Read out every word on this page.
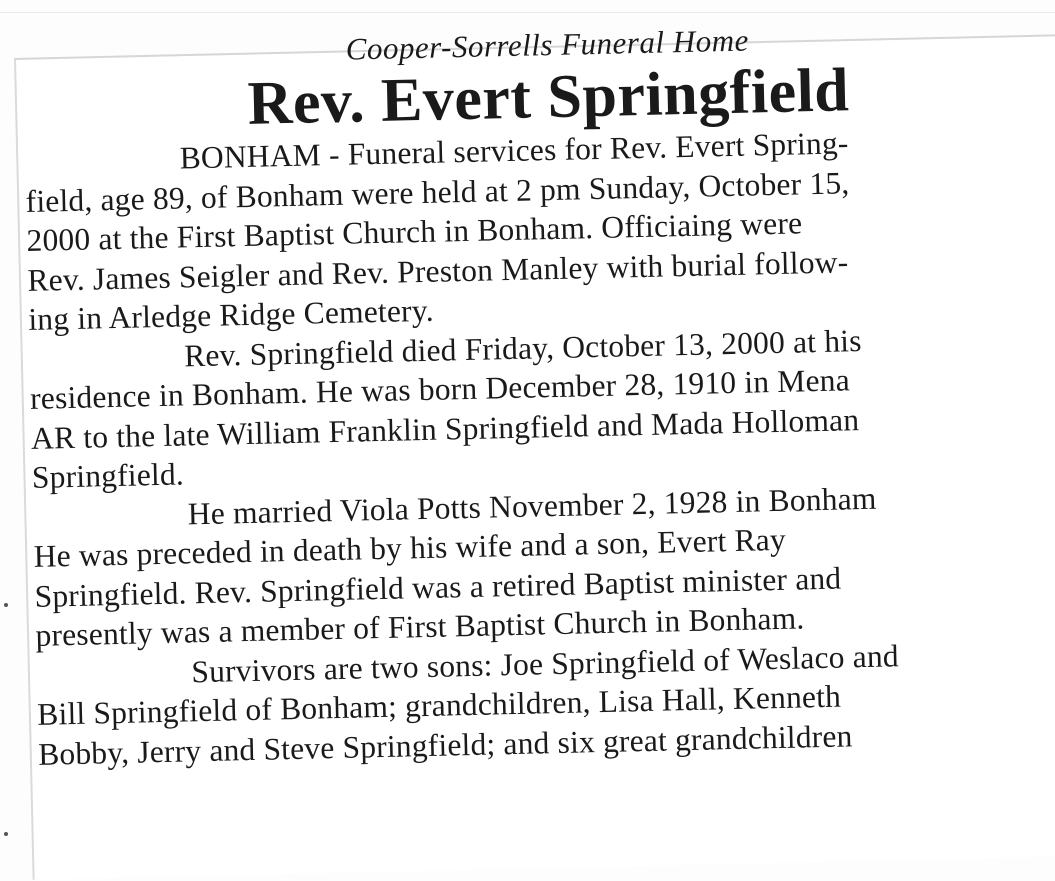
Cooper-Sorrells Funeral Home
Rev. Evert Springfield
BONHAM - Funeral services for Rev. Evert Spring-
field, age 89, of Bonham were held at 2 pm Sunday, October 15,
2000 at the First Baptist Church in Bonham. Officiaing were
Rev. James Seigler and Rev. Preston Manley with burial follow-
ing in Arledge Ridge Cemetery.
Rev. Springfield died Friday, October 13, 2000 at his
residence in Bonham. He was born December 28, 1910 in Mena
AR to the late William Franklin Springfield and Mada Holloman
Springfield.
He married Viola Potts November 2, 1928 in Bonham
He was preceded in death by his wife and a son, Evert Ray
Springfield. Rev. Springfield was a retired Baptist minister and
presently was a member of First Baptist Church in Bonham.
Survivors are two sons: Joe Springfield of Weslaco and
Bill Springfield of Bonham; grandchildren, Lisa Hall, Kenneth
Bobby, Jerry and Steve Springfield; and six great grandchildren
